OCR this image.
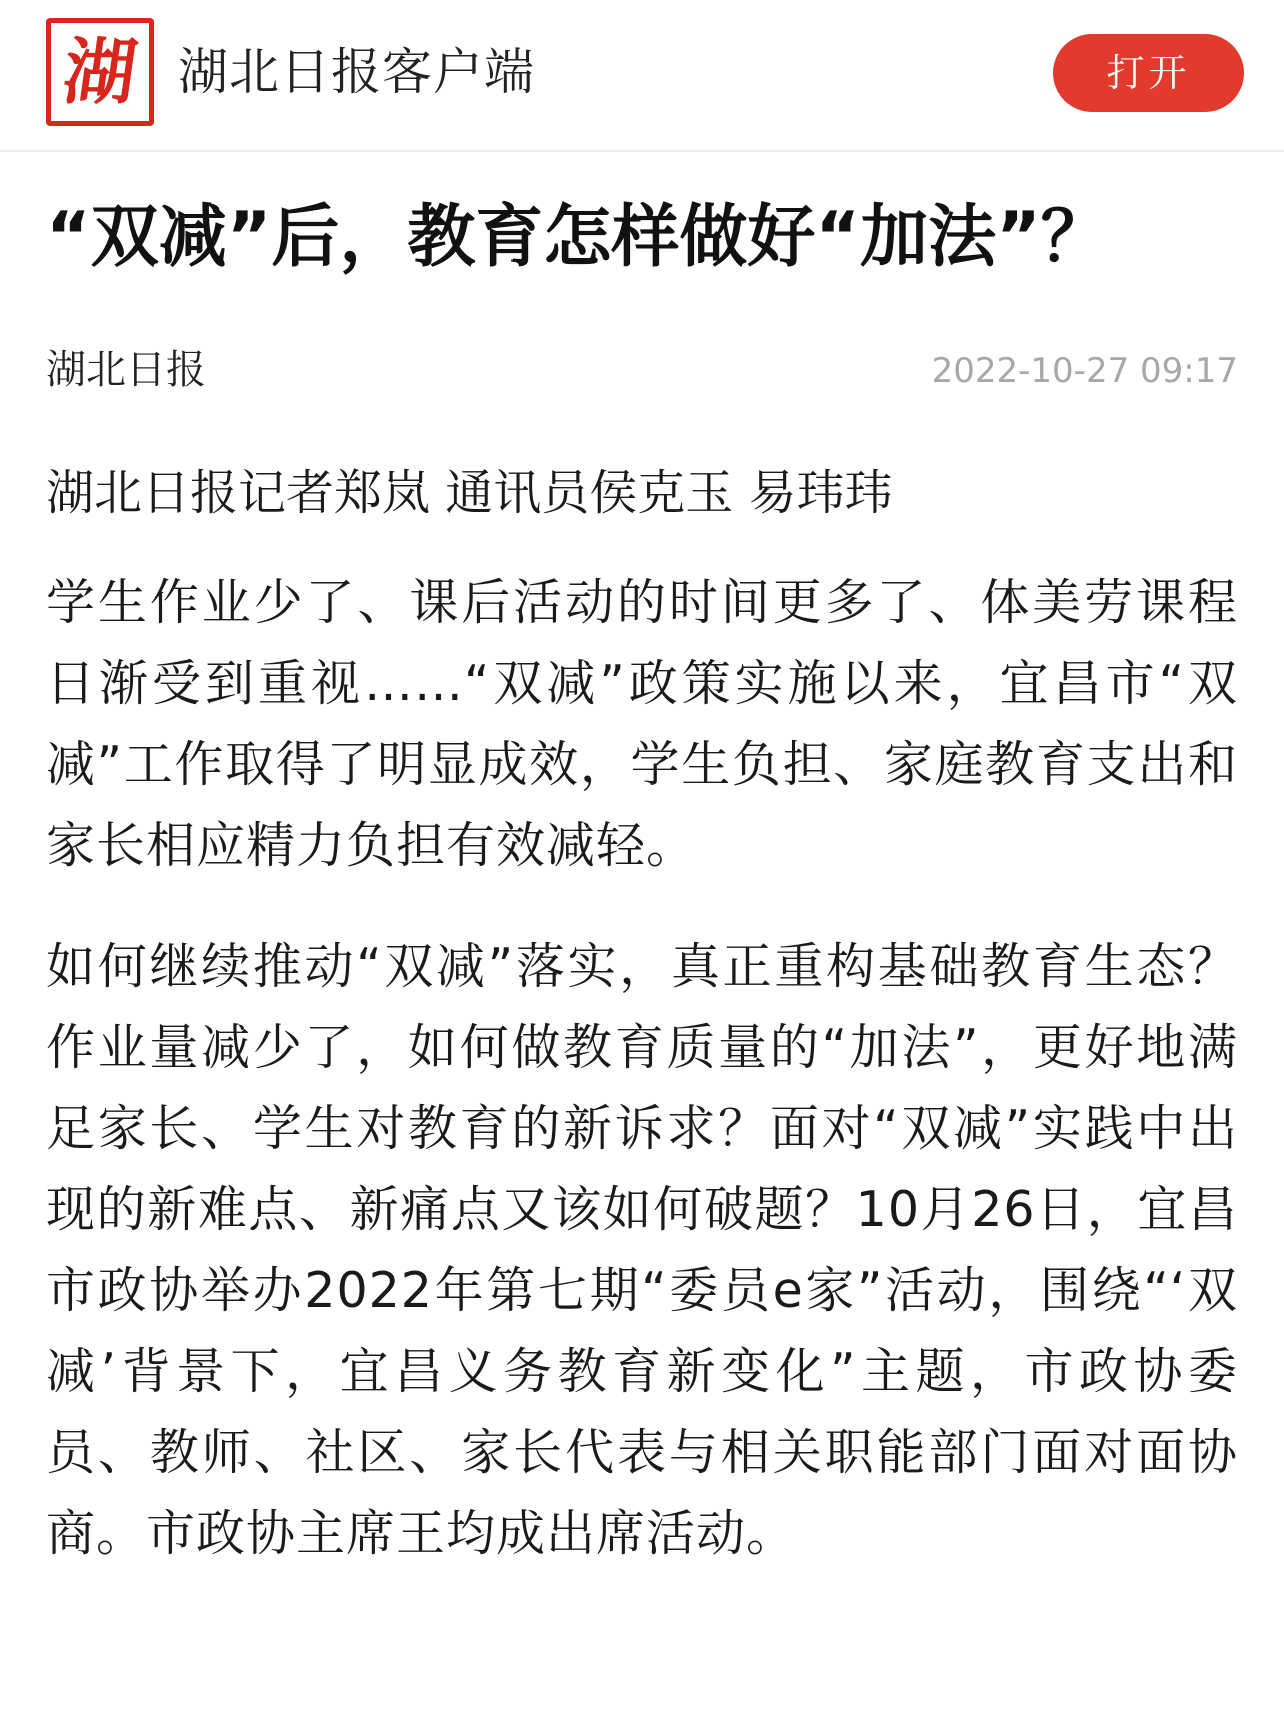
湖 湖北日报客户端	打开
“双减”后，教育怎样做好“加法”？
湖北日报	2022-10-27 09:17
湖北日报记者郑岚 通讯员侯克玉 易玮玮

学生作业少了、课后活动的时间更多了、体美劳课程日渐受到重视……“双减”政策实施以来，宜昌市“双减”工作取得了明显成效，学生负担、家庭教育支出和家长相应精力负担有效减轻。

如何继续推动“双减”落实，真正重构基础教育生态？作业量减少了，如何做教育质量的“加法”，更好地满足家长、学生对教育的新诉求？面对“双减”实践中出现的新难点、新痛点又该如何破题？10月26日，宜昌市政协举办2022年第七期“委员e家”活动，围绕“‘双减’背景下，宜昌义务教育新变化”主题，市政协委员、教师、社区、家长代表与相关职能部门面对面协商。市政协主席王均成出席活动。
